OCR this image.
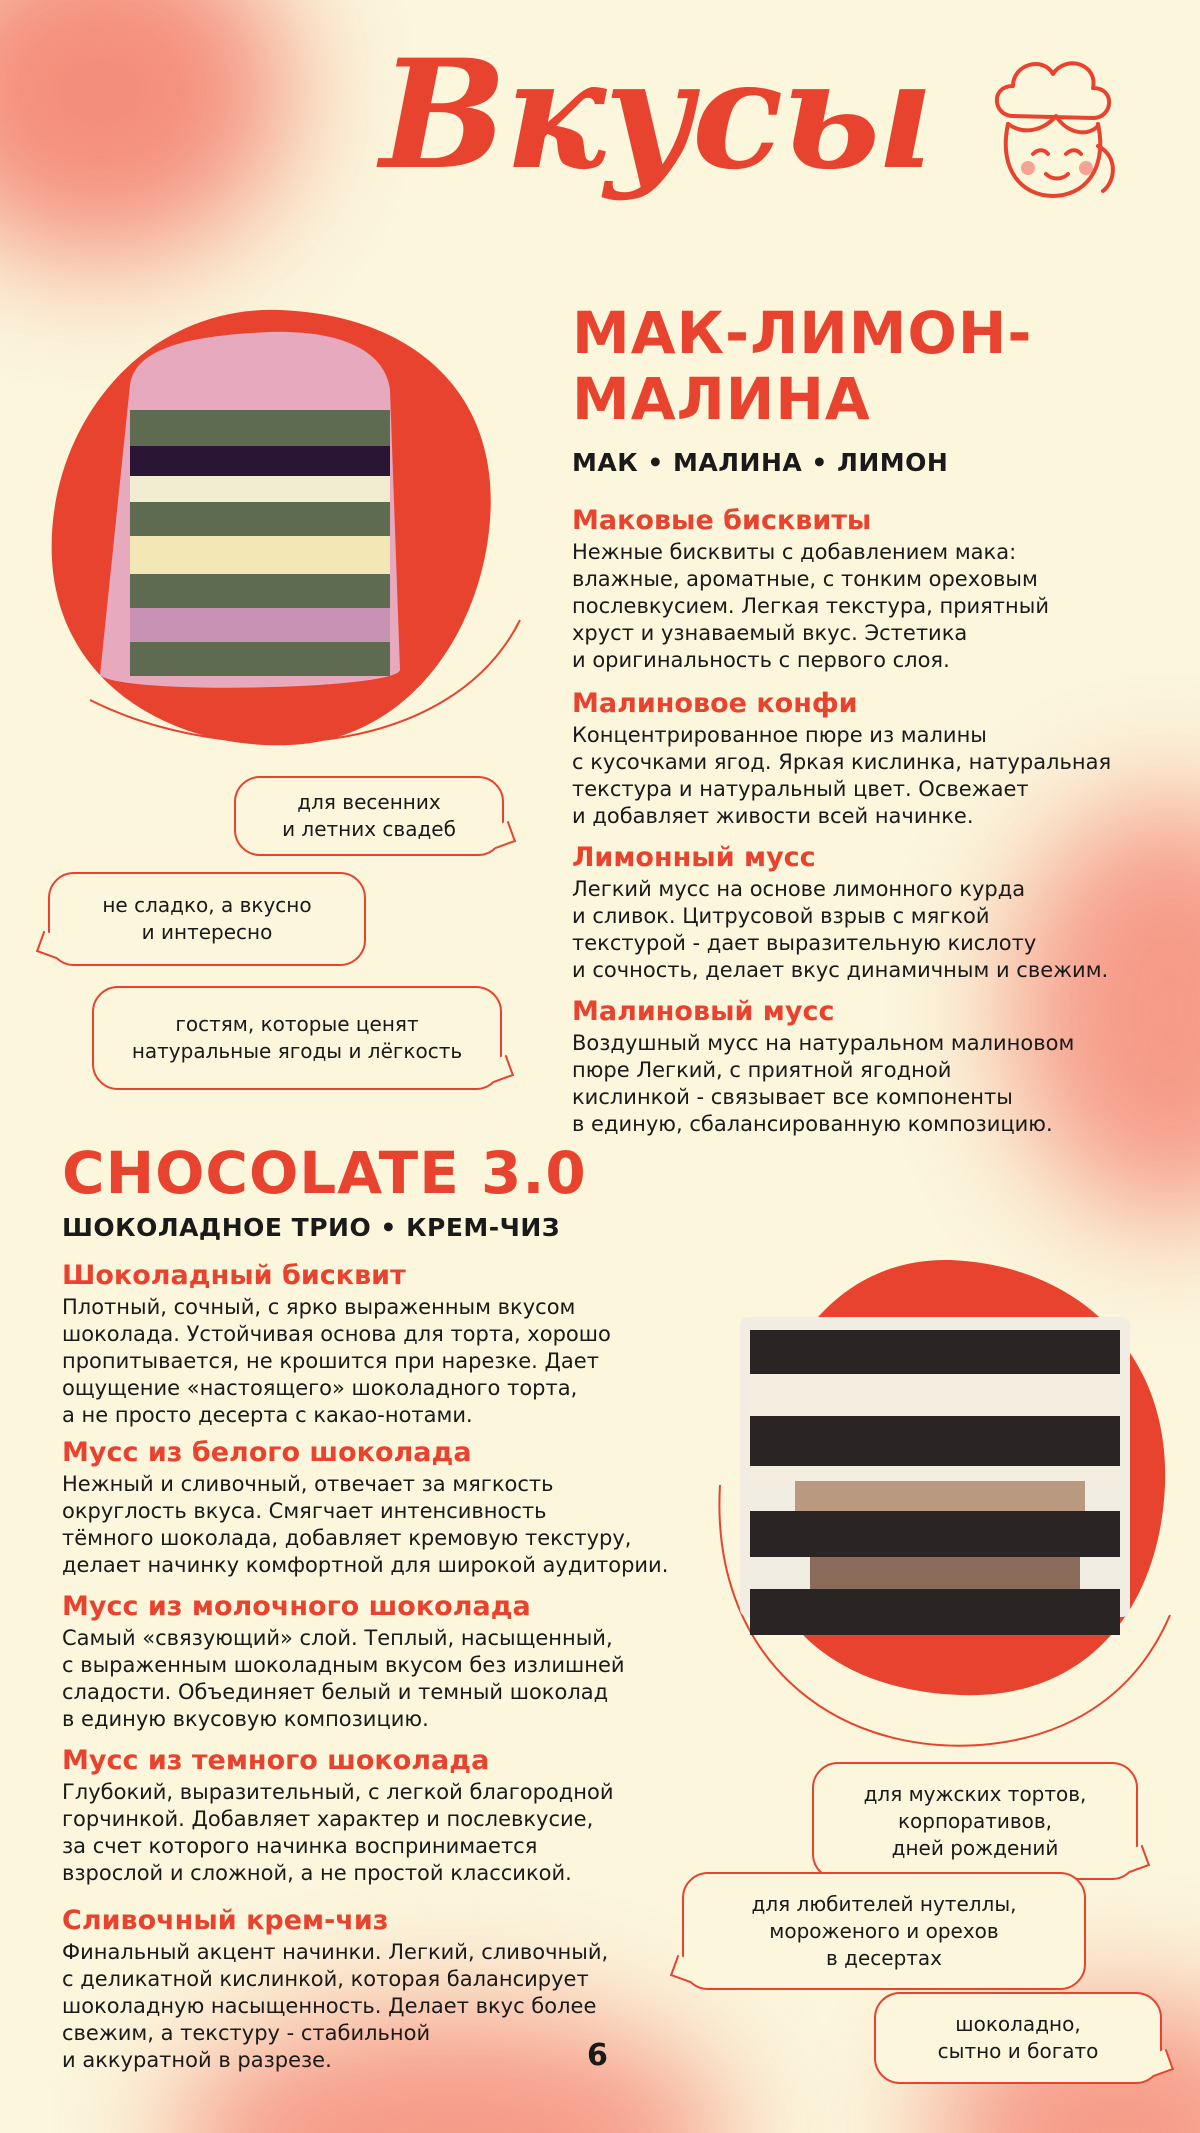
Вкусы
МАК-ЛИМОН-
МАЛИНА
МАК • МАЛИНА • ЛИМОН
Маковые бисквиты

Нежные бисквиты с добавлением мака:
влажные, ароматные, с тонким ореховым
послевкусием. Легкая текстура, приятный
хруст и узнаваемый вкус. Эстетика
и оригинальность с первого слоя.

Малиновое конфи

Концентрированное пюре из малины
с кусочками ягод. Яркая кислинка, натуральная
текстура и натуральный цвет. Освежает
и добавляет живости всей начинке.

Лимонный мусс

Легкий мусс на основе лимонного курда
и сливок. Цитрусовой взрыв с мягкой
текстурой - дает выразительную кислоту
и сочность, делает вкус динамичным и свежим.

Малиновый мусс

Воздушный мусс на натуральном малиновом
пюре Легкий, с приятной ягодной
кислинкой - связывает все компоненты
в единую, сбалансированную композицию.

для весенних
и летних свадеб
не сладко, а вкусно
и интересно
гостям, которые ценят
натуральные ягоды и лёгкость
CHOCOLATE 3.0
ШОКОЛАДНОЕ ТРИО • КРЕМ-ЧИЗ
Шоколадный бисквит

Плотный, сочный, с ярко выраженным вкусом
шоколада. Устойчивая основа для торта, хорошо
пропитывается, не крошится при нарезке. Дает
ощущение «настоящего» шоколадного торта,
а не просто десерта с какао-нотами.

Мусс из белого шоколада

Нежный и сливочный, отвечает за мягкость
округлость вкуса. Смягчает интенсивность
тёмного шоколада, добавляет кремовую текстуру,
делает начинку комфортной для широкой аудитории.

Мусс из молочного шоколада

Самый «связующий» слой. Теплый, насыщенный,
с выраженным шоколадным вкусом без излишней
сладости. Объединяет белый и темный шоколад
в единую вкусовую композицию.

Мусс из темного шоколада

Глубокий, выразительный, с легкой благородной
горчинкой. Добавляет характер и послевкусие,
за счет которого начинка воспринимается
взрослой и сложной, а не простой классикой.

Сливочный крем-чиз

Финальный акцент начинки. Легкий, сливочный,
с деликатной кислинкой, которая балансирует
шоколадную насыщенность. Делает вкус более
свежим, а текстуру - стабильной
и аккуратной в разрезе.

для мужских тортов,
корпоративов,
дней рождений
для любителей нутеллы,
мороженого и орехов
в десертах
шоколадно,
сытно и богато
6
